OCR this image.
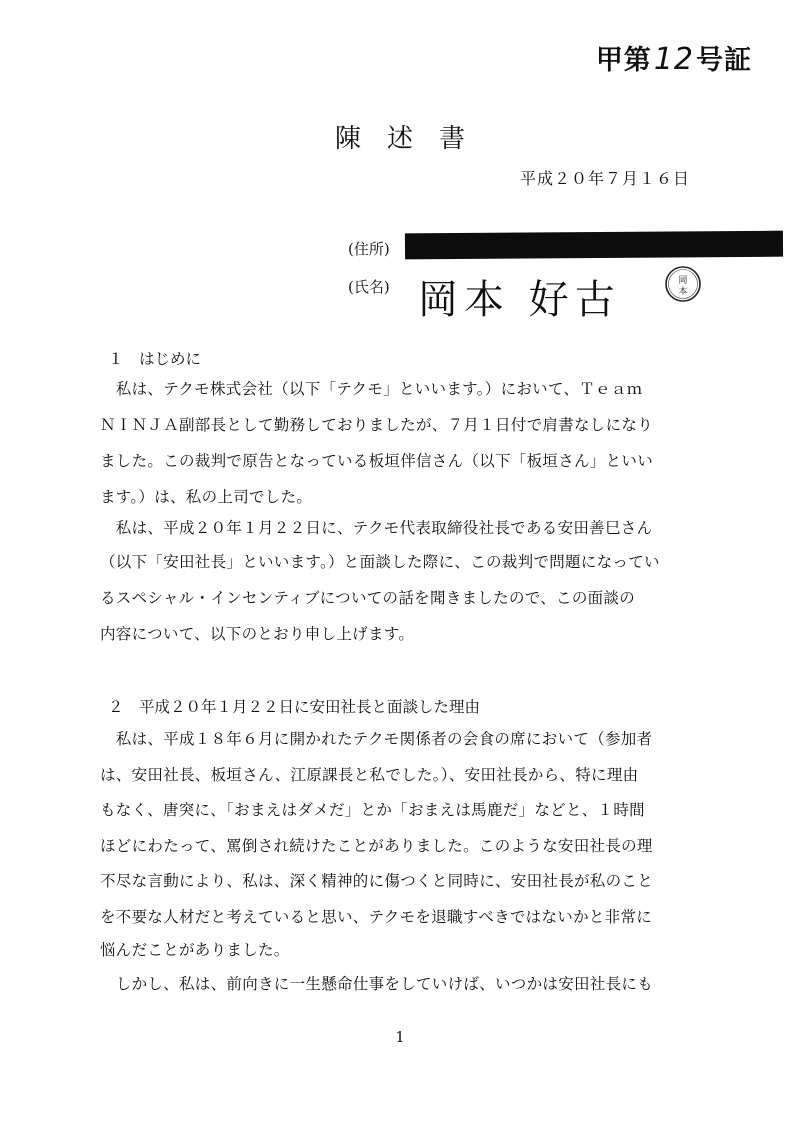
甲第12号証
陳述書
平成２０年７月１６日
(住所)
(氏名) 岡本 好古	岡
本
１　はじめに
　私は、テクモ株式会社（以下「テクモ」といいます。）において、Ｔｅａｍ
ＮＩＮＪＡ副部長として勤務しておりましたが、７月１日付で肩書なしになり
ました。この裁判で原告となっている板垣伴信さん（以下「板垣さん」といい
ます。）は、私の上司でした。
　私は、平成２０年１月２２日に、テクモ代表取締役社長である安田善巳さん
（以下「安田社長」といいます。）と面談した際に、この裁判で問題になってい
るスペシャル・インセンティブについての話を聞きましたので、この面談の
内容について、以下のとおり申し上げます。
２　平成２０年１月２２日に安田社長と面談した理由
　私は、平成１８年６月に開かれたテクモ関係者の会食の席において（参加者
は、安田社長、板垣さん、江原課長と私でした。）、安田社長から、特に理由
もなく、唐突に、「おまえはダメだ」とか「おまえは馬鹿だ」などと、１時間
ほどにわたって、罵倒され続けたことがありました。このような安田社長の理
不尽な言動により、私は、深く精神的に傷つくと同時に、安田社長が私のこと
を不要な人材だと考えていると思い、テクモを退職すべきではないかと非常に
悩んだことがありました。
　しかし、私は、前向きに一生懸命仕事をしていけば、いつかは安田社長にも
1
